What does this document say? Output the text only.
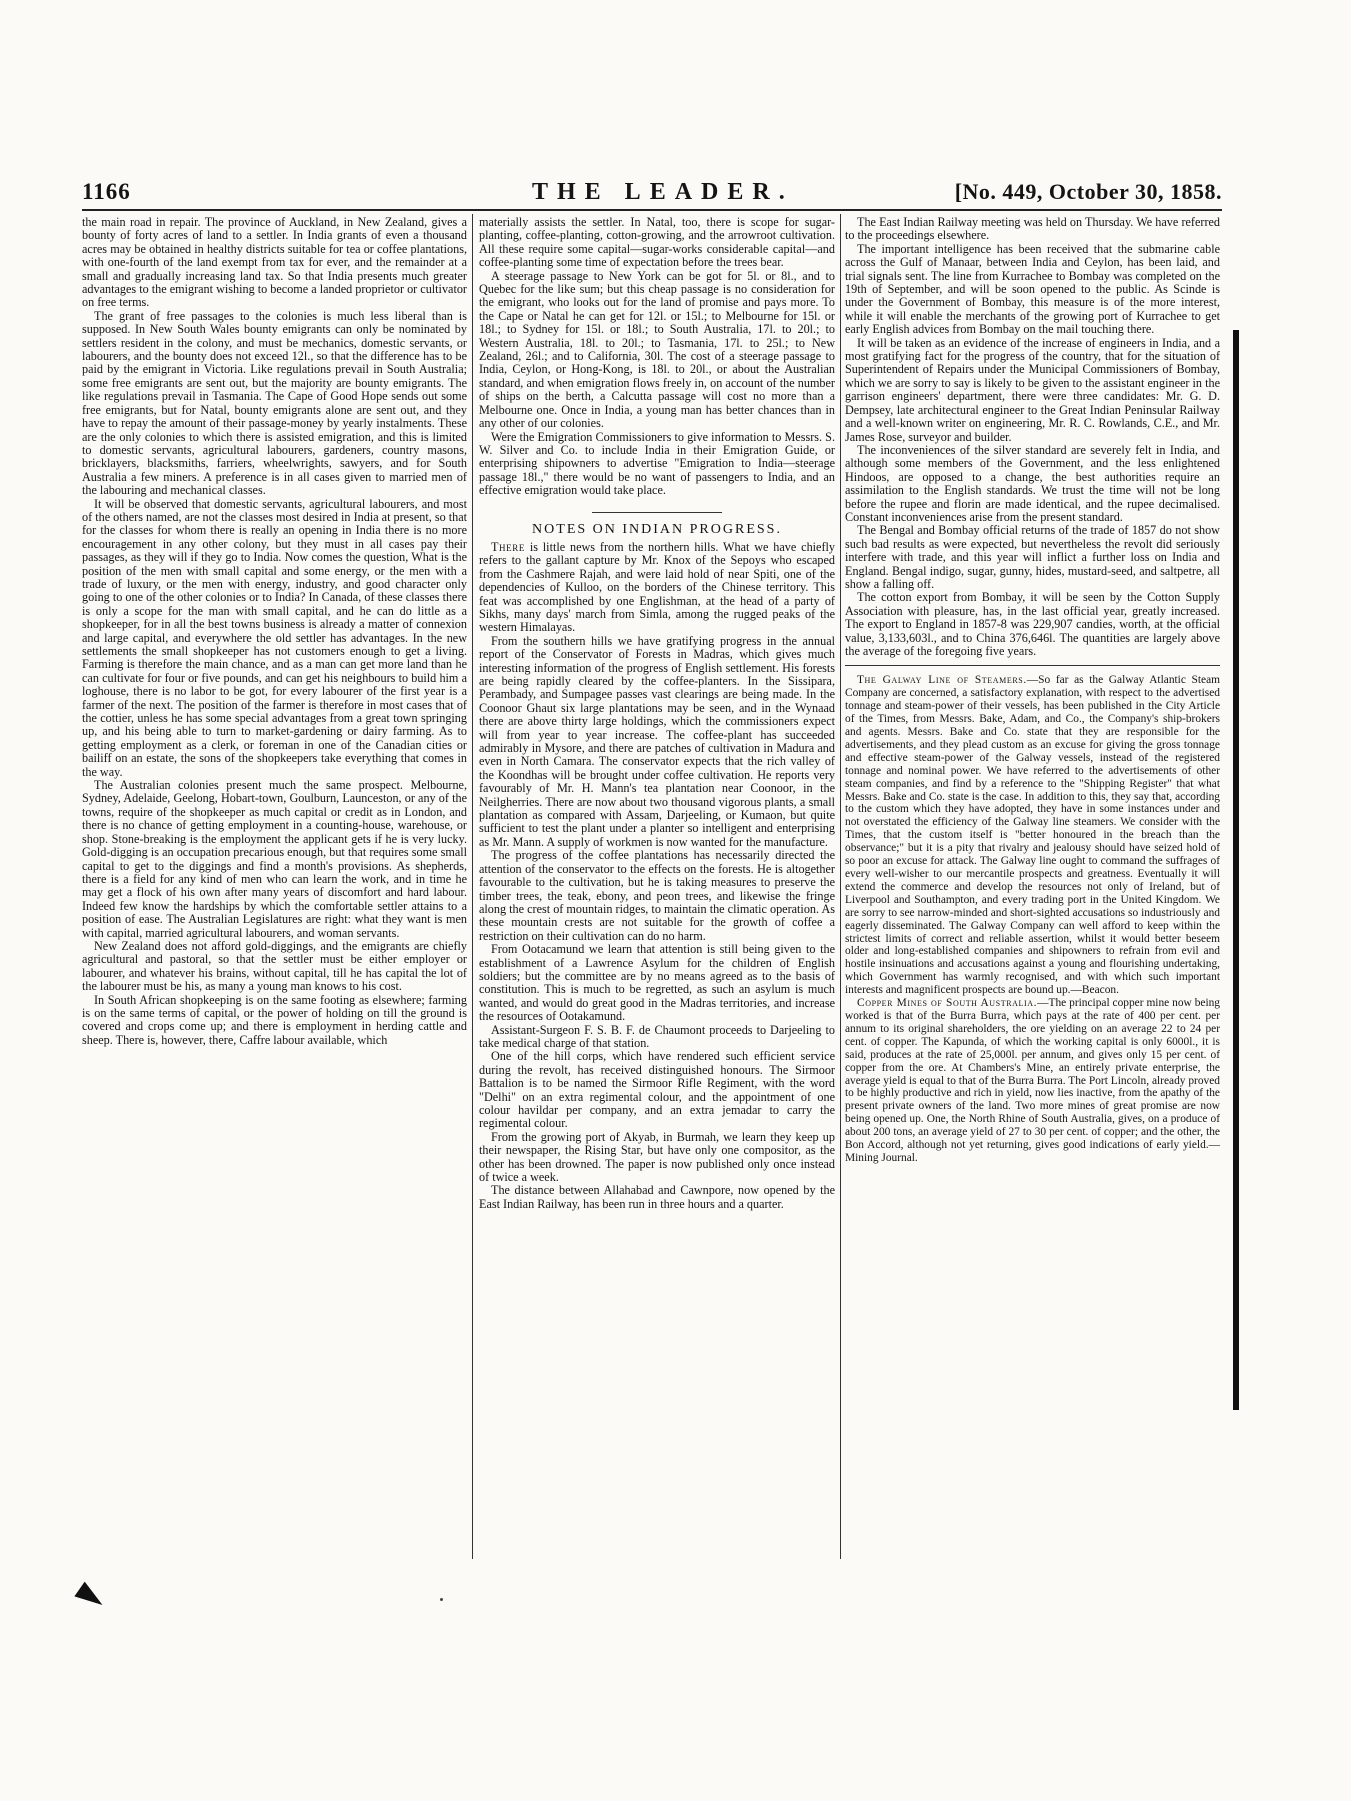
1166	THE LEADER.	[No. 449, October 30, 1858.

the main road in repair. The province of Auckland, in New Zealand, gives a bounty of forty acres of land to a settler. In India grants of even a thousand acres may be obtained in healthy districts suitable for tea or coffee plantations, with one-fourth of the land exempt from tax for ever, and the remainder at a small and gradually increasing land tax. So that India presents much greater advantages to the emigrant wishing to become a landed proprietor or cultivator on free terms.

The grant of free passages to the colonies is much less liberal than is supposed. In New South Wales bounty emigrants can only be nominated by settlers resident in the colony, and must be mechanics, domestic servants, or labourers, and the bounty does not exceed 12l., so that the difference has to be paid by the emigrant in Victoria. Like regulations prevail in South Australia; some free emigrants are sent out, but the majority are bounty emigrants. The like regulations prevail in Tasmania. The Cape of Good Hope sends out some free emigrants, but for Natal, bounty emigrants alone are sent out, and they have to repay the amount of their passage-money by yearly instalments. These are the only colonies to which there is assisted emigration, and this is limited to domestic servants, agricultural labourers, gardeners, country masons, bricklayers, blacksmiths, farriers, wheelwrights, sawyers, and for South Australia a few miners. A preference is in all cases given to married men of the labouring and mechanical classes.

It will be observed that domestic servants, agricultural labourers, and most of the others named, are not the classes most desired in India at present, so that for the classes for whom there is really an opening in India there is no more encouragement in any other colony, but they must in all cases pay their passages, as they will if they go to India. Now comes the question, What is the position of the men with small capital and some energy, or the men with a trade of luxury, or the men with energy, industry, and good character only going to one of the other colonies or to India? In Canada, of these classes there is only a scope for the man with small capital, and he can do little as a shopkeeper, for in all the best towns business is already a matter of connexion and large capital, and everywhere the old settler has advantages. In the new settlements the small shopkeeper has not customers enough to get a living. Farming is therefore the main chance, and as a man can get more land than he can cultivate for four or five pounds, and can get his neighbours to build him a loghouse, there is no labor to be got, for every labourer of the first year is a farmer of the next. The position of the farmer is therefore in most cases that of the cottier, unless he has some special advantages from a great town springing up, and his being able to turn to market-gardening or dairy farming. As to getting employment as a clerk, or foreman in one of the Canadian cities or bailiff on an estate, the sons of the shopkeepers take everything that comes in the way.

The Australian colonies present much the same prospect. Melbourne, Sydney, Adelaide, Geelong, Hobart-town, Goulburn, Launceston, or any of the towns, require of the shopkeeper as much capital or credit as in London, and there is no chance of getting employment in a counting-house, warehouse, or shop. Stone-breaking is the employment the applicant gets if he is very lucky. Gold-digging is an occupation precarious enough, but that requires some small capital to get to the diggings and find a month's provisions. As shepherds, there is a field for any kind of men who can learn the work, and in time he may get a flock of his own after many years of discomfort and hard labour. Indeed few know the hardships by which the comfortable settler attains to a position of ease. The Australian Legislatures are right: what they want is men with capital, married agricultural labourers, and woman servants.

New Zealand does not afford gold-diggings, and the emigrants are chiefly agricultural and pastoral, so that the settler must be either employer or labourer, and whatever his brains, without capital, till he has capital the lot of the labourer must be his, as many a young man knows to his cost.

In South African shopkeeping is on the same footing as elsewhere; farming is on the same terms of capital, or the power of holding on till the ground is covered and crops come up; and there is employment in herding cattle and sheep. There is, however, there, Caffre labour available, which

materially assists the settler. In Natal, too, there is scope for sugar-planting, coffee-planting, cotton-growing, and the arrowroot cultivation. All these require some capital—sugar-works considerable capital—and coffee-planting some time of expectation before the trees bear.

A steerage passage to New York can be got for 5l. or 8l., and to Quebec for the like sum; but this cheap passage is no consideration for the emigrant, who looks out for the land of promise and pays more. To the Cape or Natal he can get for 12l. or 15l.; to Melbourne for 15l. or 18l.; to Sydney for 15l. or 18l.; to South Australia, 17l. to 20l.; to Western Australia, 18l. to 20l.; to Tasmania, 17l. to 25l.; to New Zealand, 26l.; and to California, 30l. The cost of a steerage passage to India, Ceylon, or Hong-Kong, is 18l. to 20l., or about the Australian standard, and when emigration flows freely in, on account of the number of ships on the berth, a Calcutta passage will cost no more than a Melbourne one. Once in India, a young man has better chances than in any other of our colonies.

Were the Emigration Commissioners to give information to Messrs. S. W. Silver and Co. to include India in their Emigration Guide, or enterprising shipowners to advertise "Emigration to India—steerage passage 18l.," there would be no want of passengers to India, and an effective emigration would take place.

NOTES ON INDIAN PROGRESS.

There is little news from the northern hills. What we have chiefly refers to the gallant capture by Mr. Knox of the Sepoys who escaped from the Cashmere Rajah, and were laid hold of near Spiti, one of the dependencies of Kulloo, on the borders of the Chinese territory. This feat was accomplished by one Englishman, at the head of a party of Sikhs, many days' march from Simla, among the rugged peaks of the western Himalayas.

From the southern hills we have gratifying progress in the annual report of the Conservator of Forests in Madras, which gives much interesting information of the progress of English settlement. His forests are being rapidly cleared by the coffee-planters. In the Sissipara, Perambady, and Sumpagee passes vast clearings are being made. In the Coonoor Ghaut six large plantations may be seen, and in the Wynaad there are above thirty large holdings, which the commissioners expect will from year to year increase. The coffee-plant has succeeded admirably in Mysore, and there are patches of cultivation in Madura and even in North Camara. The conservator expects that the rich valley of the Koondhas will be brought under coffee cultivation. He reports very favourably of Mr. H. Mann's tea plantation near Coonoor, in the Neilgherries. There are now about two thousand vigorous plants, a small plantation as compared with Assam, Darjeeling, or Kumaon, but quite sufficient to test the plant under a planter so intelligent and enterprising as Mr. Mann. A supply of workmen is now wanted for the manufacture.

The progress of the coffee plantations has necessarily directed the attention of the conservator to the effects on the forests. He is altogether favourable to the cultivation, but he is taking measures to preserve the timber trees, the teak, ebony, and peon trees, and likewise the fringe along the crest of mountain ridges, to maintain the climatic operation. As these mountain crests are not suitable for the growth of coffee a restriction on their cultivation can do no harm.

From Ootacamund we learn that attention is still being given to the establishment of a Lawrence Asylum for the children of English soldiers; but the committee are by no means agreed as to the basis of constitution. This is much to be regretted, as such an asylum is much wanted, and would do great good in the Madras territories, and increase the resources of Ootakamund.

Assistant-Surgeon F. S. B. F. de Chaumont proceeds to Darjeeling to take medical charge of that station.

One of the hill corps, which have rendered such efficient service during the revolt, has received distinguished honours. The Sirmoor Battalion is to be named the Sirmoor Rifle Regiment, with the word "Delhi" on an extra regimental colour, and the appointment of one colour havildar per company, and an extra jemadar to carry the regimental colour.

From the growing port of Akyab, in Burmah, we learn they keep up their newspaper, the Rising Star, but have only one compositor, as the other has been drowned. The paper is now published only once instead of twice a week.

The distance between Allahabad and Cawnpore, now opened by the East Indian Railway, has been run in three hours and a quarter.

The East Indian Railway meeting was held on Thursday. We have referred to the proceedings elsewhere.

The important intelligence has been received that the submarine cable across the Gulf of Manaar, between India and Ceylon, has been laid, and trial signals sent. The line from Kurrachee to Bombay was completed on the 19th of September, and will be soon opened to the public. As Scinde is under the Government of Bombay, this measure is of the more interest, while it will enable the merchants of the growing port of Kurrachee to get early English advices from Bombay on the mail touching there.

It will be taken as an evidence of the increase of engineers in India, and a most gratifying fact for the progress of the country, that for the situation of Superintendent of Repairs under the Municipal Commissioners of Bombay, which we are sorry to say is likely to be given to the assistant engineer in the garrison engineers' department, there were three candidates: Mr. G. D. Dempsey, late architectural engineer to the Great Indian Peninsular Railway and a well-known writer on engineering, Mr. R. C. Rowlands, C.E., and Mr. James Rose, surveyor and builder.

The inconveniences of the silver standard are severely felt in India, and although some members of the Government, and the less enlightened Hindoos, are opposed to a change, the best authorities require an assimilation to the English standards. We trust the time will not be long before the rupee and florin are made identical, and the rupee decimalised. Constant inconveniences arise from the present standard.

The Bengal and Bombay official returns of the trade of 1857 do not show such bad results as were expected, but nevertheless the revolt did seriously interfere with trade, and this year will inflict a further loss on India and England. Bengal indigo, sugar, gunny, hides, mustard-seed, and saltpetre, all show a falling off.

The cotton export from Bombay, it will be seen by the Cotton Supply Association with pleasure, has, in the last official year, greatly increased. The export to England in 1857-8 was 229,907 candies, worth, at the official value, 3,133,603l., and to China 376,646l. The quantities are largely above the average of the foregoing five years.

The Galway Line of Steamers.—So far as the Galway Atlantic Steam Company are concerned, a satisfactory explanation, with respect to the advertised tonnage and steam-power of their vessels, has been published in the City Article of the Times, from Messrs. Bake, Adam, and Co., the Company's ship-brokers and agents. Messrs. Bake and Co. state that they are responsible for the advertisements, and they plead custom as an excuse for giving the gross tonnage and effective steam-power of the Galway vessels, instead of the registered tonnage and nominal power. We have referred to the advertisements of other steam companies, and find by a reference to the "Shipping Register" that what Messrs. Bake and Co. state is the case. In addition to this, they say that, according to the custom which they have adopted, they have in some instances under and not overstated the efficiency of the Galway line steamers. We consider with the Times, that the custom itself is "better honoured in the breach than the observance;" but it is a pity that rivalry and jealousy should have seized hold of so poor an excuse for attack. The Galway line ought to command the suffrages of every well-wisher to our mercantile prospects and greatness. Eventually it will extend the commerce and develop the resources not only of Ireland, but of Liverpool and Southampton, and every trading port in the United Kingdom. We are sorry to see narrow-minded and short-sighted accusations so industriously and eagerly disseminated. The Galway Company can well afford to keep within the strictest limits of correct and reliable assertion, whilst it would better beseem older and long-established companies and shipowners to refrain from evil and hostile insinuations and accusations against a young and flourishing undertaking, which Government has warmly recognised, and with which such important interests and magnificent prospects are bound up.—Beacon.

Copper Mines of South Australia.—The principal copper mine now being worked is that of the Burra Burra, which pays at the rate of 400 per cent. per annum to its original shareholders, the ore yielding on an average 22 to 24 per cent. of copper. The Kapunda, of which the working capital is only 6000l., it is said, produces at the rate of 25,000l. per annum, and gives only 15 per cent. of copper from the ore. At Chambers's Mine, an entirely private enterprise, the average yield is equal to that of the Burra Burra. The Port Lincoln, already proved to be highly productive and rich in yield, now lies inactive, from the apathy of the present private owners of the land. Two more mines of great promise are now being opened up. One, the North Rhine of South Australia, gives, on a produce of about 200 tons, an average yield of 27 to 30 per cent. of copper; and the other, the Bon Accord, although not yet returning, gives good indications of early yield.—Mining Journal.
